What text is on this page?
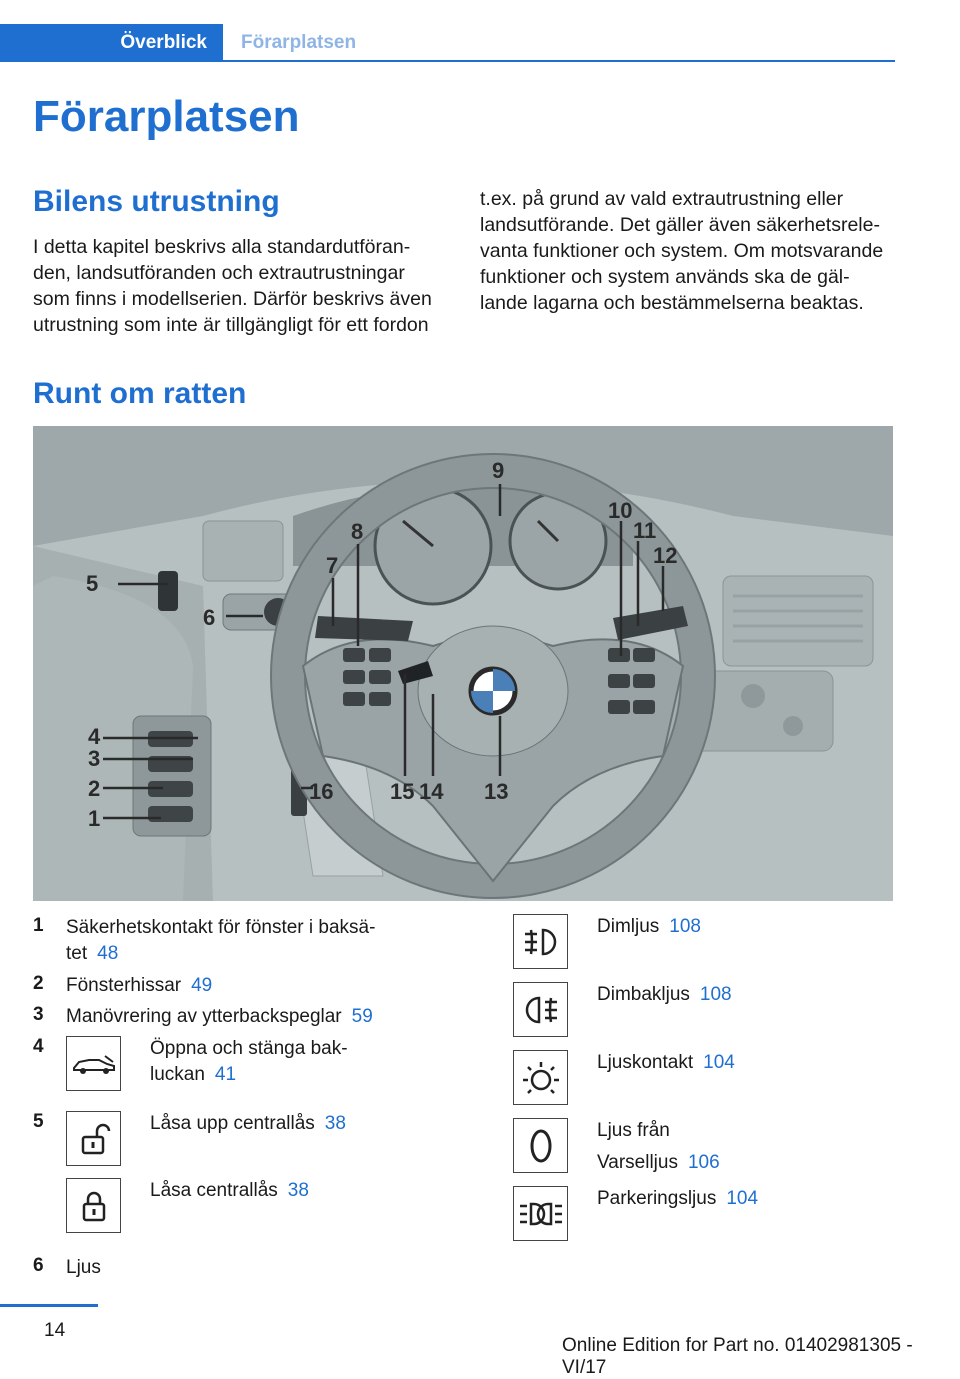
Överblick	Förarplatsen
Förarplatsen
Bilens utrustning
I detta kapitel beskrivs alla standardutföran‐
den, landsutföranden och extrautrustningar
som finns i modellserien. Därför beskrivs även
utrustning som inte är tillgängligt för ett fordon
t.ex. på grund av vald extrautrustning eller
landsutförande. Det gäller även säkerhetsrele‐
vanta funktioner och system. Om motsvarande
funktioner och system används ska de gäl‐
lande lagarna och bestämmelserna beaktas.
Runt om ratten
1
2
3
4
5
6
7
8
9
10
11
12
13
14
15
16
1 Säkerhetskontakt för fönster i baksä‐
tet 48
2 Fönsterhissar 49
3 Manövrering av ytterbackspeglar 59
4	Öppna och stänga bak‐
luckan 41
5	Låsa upp centrallås 38
Låsa centrallås 38
6 Ljus
Dimljus 108
Dimbakljus 108
Ljuskontakt 104
Ljus från
Varselljus 106
Parkeringsljus 104
14
Online Edition for Part no. 01402981305 - VI/17
